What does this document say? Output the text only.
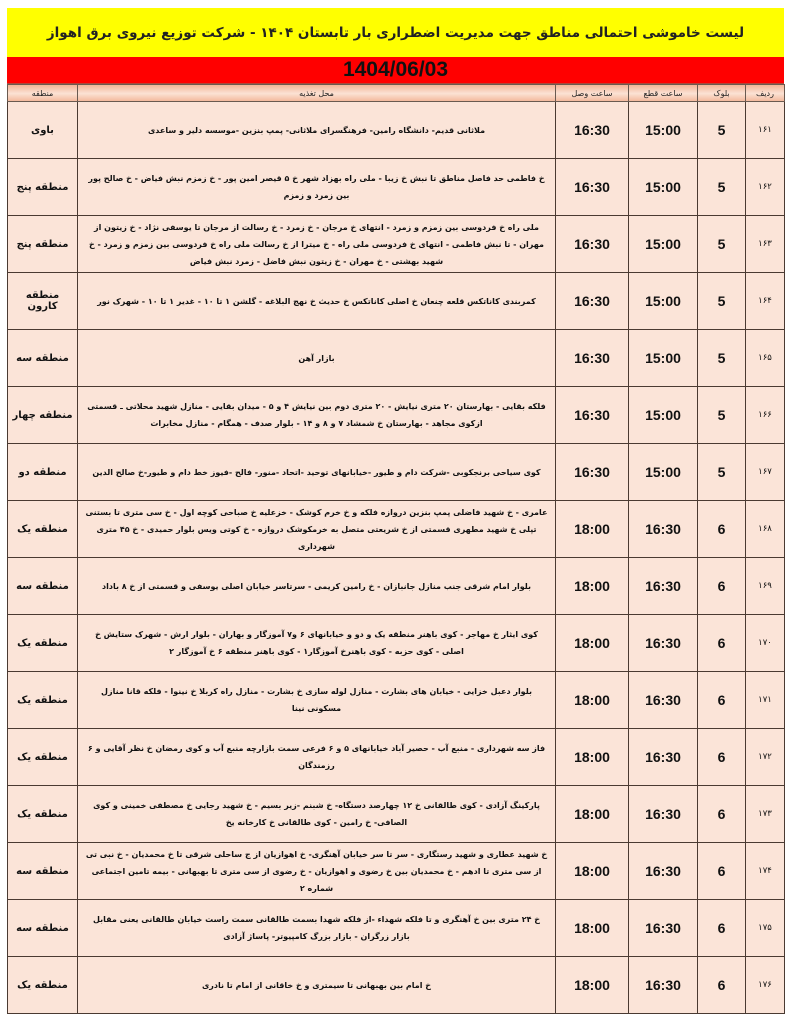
لیست خاموشی احتمالی مناطق جهت مدیریت اضطراری بار تابستان ۱۴۰۴ - شرکت توزیع نیروی برق اهواز
1404/06/03
ردیف	بلوک	ساعت قطع	ساعت وصل	محل تغذیه	منطقه
۱۶۱	5	15:00	16:30	ملاثانی قدیم- دانشگاه رامین- فرهنگسرای ملاثانی- پمپ بنزین -موسسه دلیر و ساعدی	باوی
۱۶۲	5	15:00	16:30	خ فاطمی حد فاصل مناطق تا نبش خ زیبا - ملی راه بهزاد شهر خ ۵ قیصر امین پور - خ زمزم نبش فیاض - خ صالح پور بین زمرد و زمزم	منطقه پنج
۱۶۳	5	15:00	16:30	ملی راه خ فردوسی بین زمزم و زمرد - انتهای خ مرجان - خ زمرد - خ رسالت از مرجان تا یوسفی نژاد - خ زیتون از مهران - تا نبش فاطمی - انتهای خ فردوسی ملی راه - خ میترا از خ رسالت ملی راه خ فردوسی بین زمزم و زمرد - خ شهید بهشتی - خ مهران - خ زیتون نبش فاضل - زمرد نبش فیاض	منطقه پنج
۱۶۴	5	15:00	16:30	کمربندی کاناتکس قلعه چنعان خ اصلی کاناتکس خ حدیث خ نهج البلاغه - گلشن ۱ تا ۱۰ - غدیر ۱ تا ۱۰ - شهرک نور	منطقه کارون
۱۶۵	5	15:00	16:30	بازار آهن	منطقه سه
۱۶۶	5	15:00	16:30	فلکه بقایی - بهارستان ۲۰ متری نیایش - ۲۰ متری دوم بین نیایش ۴ و ۵ - میدان بقایی - منازل شهید محلاتی ـ قسمتی ازکوی مجاهد - بهارستان خ شمشاد ۷ و ۸ و ۱۴ - بلوار صدف - همگام - منازل مخابرات	منطقه چهار
۱۶۷	5	15:00	16:30	کوی سیاحی برنجکوبی -شرکت دام و طیور -خیابانهای توحید -اتحاد -منور- فالح -فیوز خط دام و طیور-خ صالح الدین	منطقه دو
۱۶۸	6	16:30	18:00	عامری - خ شهید فاضلی پمپ بنزین دروازه فلکه و خ خرم کوشک - خزعلیه خ صباحی کوچه اول - خ سی متری تا بستنی تپلی خ شهید مطهری قسمتی از خ شریعتی متصل به خرمکوشک دروازه - خ کوتی ویس بلوار حمیدی - خ ۴۵ متری شهرداری	منطقه یک
۱۶۹	6	16:30	18:00	بلوار امام شرقی جنب منازل جانبازان - خ رامین کریمی - سرتاسر خیابان اصلی یوسفی و قسمتی از خ ۸ باداد	منطقه سه
۱۷۰	6	16:30	18:00	کوی ایثار خ مهاجر - کوی باهنر منطقه یک و دو و خیابانهای ۶ و۷ آموزگار و بهاران - بلوار ارش - شهرک ستایش خ اصلی - کوی حزبه - کوی باهنرخ آموزگار۱ - کوی باهنر منطقه ۶ خ آموزگار ۲	منطقه یک
۱۷۱	6	16:30	18:00	بلوار دعبل خزایی - خیابان های بشارت - منازل لوله سازی خ بشارت - منازل راه کربلا خ نینوا - فلکه قانا منازل مسکونی نینا	منطقه یک
۱۷۲	6	16:30	18:00	فاز سه شهرداری - منبع آب - حصیر آباد خیابانهای ۵ و ۶ فرعی سمت بازارچه منبع آب و کوی رمضان خ نظر آقایی و ۶ رزمندگان	منطقه یک
۱۷۳	6	16:30	18:00	پارکینگ آزادی - کوی طالقانی خ ۱۲ چهارصد دستگاه- خ شبنم -زیر بسیم - خ شهید رجایی خ مصطفی خمینی و کوی الصافی- خ رامین - کوی طالقانی خ کارخانه یخ	منطقه یک
۱۷۴	6	16:30	18:00	خ شهید عطاری و شهید رستگاری - سر تا سر خیابان آهنگری- خ اهوازیان از ج ساحلی شرقی تا خ محمدیان - خ نبی تی از سی متری تا ادهم - خ محمدیان بین خ رضوی و اهوازیان - خ رضوی از سی متری تا بهبهانی - بیمه تامین اجتماعی شماره ۲	منطقه سه
۱۷۵	6	16:30	18:00	خ ۲۴ متری بین خ آهنگری و تا فلکه شهداء -از فلکه شهدا بسمت طالقانی سمت راست خیابان طالقانی یعنی مقابل بازار زرگران - بازار بزرگ کامپیوتر- پاساژ آزادی	منطقه سه
۱۷۶	6	16:30	18:00	خ امام بین بهبهانی تا سیمتری و خ خاقانی از امام تا نادری	منطقه یک
